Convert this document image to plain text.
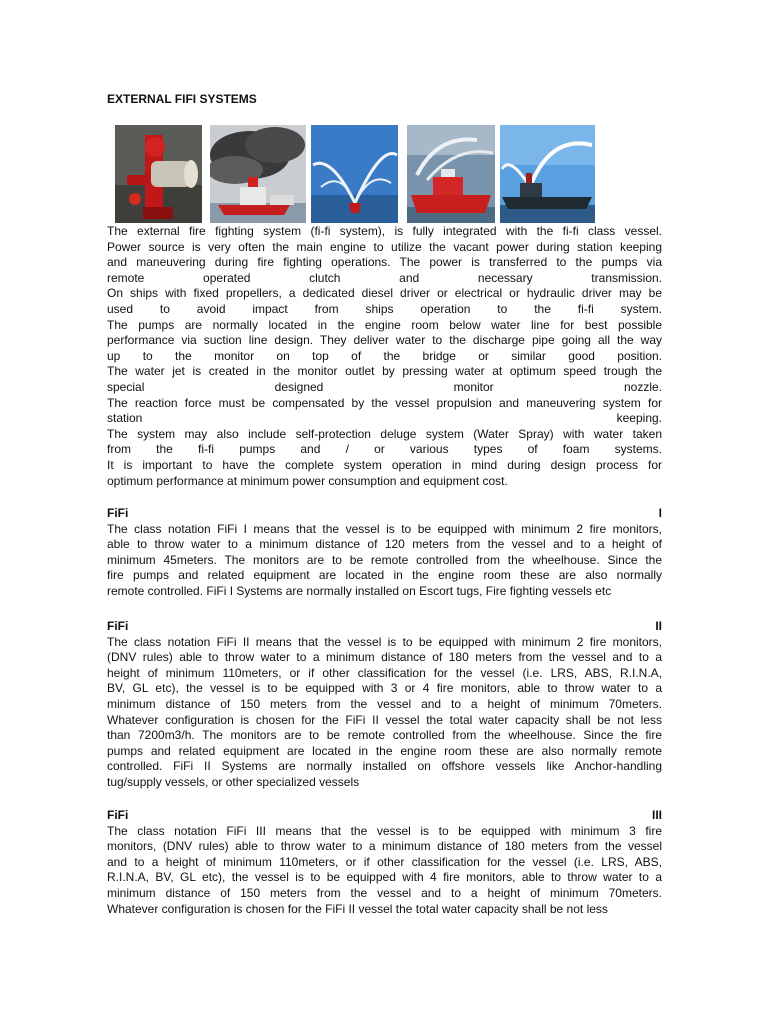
EXTERNAL FIFI SYSTEMS

The external fire fighting system (fi-fi system), is fully integrated with the fi-fi class vessel.

Power source is very often the main engine to utilize the vacant power during station keeping

and maneuvering during fire fighting operations. The power is transferred to the pumps via

remote operated clutch and necessary transmission.

On ships with fixed propellers, a dedicated diesel driver or electrical or hydraulic driver may be

used to avoid impact from ships operation to the fi-fi system.

The pumps are normally located in the engine room below water line for best possible

performance via suction line design. They deliver water to the discharge pipe going all the way

up to the monitor on top of the bridge or similar good position.

The water jet is created in the monitor outlet by pressing water at optimum speed trough the

special designed monitor nozzle.

The reaction force must be compensated by the vessel propulsion and maneuvering system for

station keeping.

The system may also include self-protection deluge system (Water Spray) with water taken

from the fi-fi pumps and / or various types of foam systems.

It is important to have the complete system operation in mind during design process for

optimum performance at minimum power consumption and equipment cost.

FiFi	I

The class notation FiFi I means that the vessel is to be equipped with minimum 2 fire monitors,

able to throw water to a minimum distance of 120 meters from the vessel and to a height of

minimum 45meters. The monitors are to be remote controlled from the wheelhouse. Since the

fire pumps and related equipment are located in the engine room these are also normally

remote controlled. FiFi I Systems are normally installed on Escort tugs, Fire fighting vessels etc

FiFi	II

The class notation FiFi II means that the vessel is to be equipped with minimum 2 fire monitors,

(DNV rules) able to throw water to a minimum distance of 180 meters from the vessel and to a

height of minimum 110meters, or if other classification for the vessel (i.e. LRS, ABS, R.I.N.A,

BV, GL etc), the vessel is to be equipped with 3 or 4 fire monitors, able to throw water to a

minimum distance of 150 meters from the vessel and to a height of minimum 70meters.

Whatever configuration is chosen for the FiFi II vessel the total water capacity shall be not less

than 7200m3/h. The monitors are to be remote controlled from the wheelhouse. Since the fire

pumps and related equipment are located in the engine room these are also normally remote

controlled. FiFi II Systems are normally installed on offshore vessels like Anchor-handling

tug/supply vessels, or other specialized vessels

FiFi	III

The class notation FiFi III means that the vessel is to be equipped with minimum 3 fire

monitors, (DNV rules) able to throw water to a minimum distance of 180 meters from the vessel

and to a height of minimum 110meters, or if other classification for the vessel (i.e. LRS, ABS,

R.I.N.A, BV, GL etc), the vessel is to be equipped with 4 fire monitors, able to throw water to a

minimum distance of 150 meters from the vessel and to a height of minimum 70meters.

Whatever configuration is chosen for the FiFi II vessel the total water capacity shall be not less
